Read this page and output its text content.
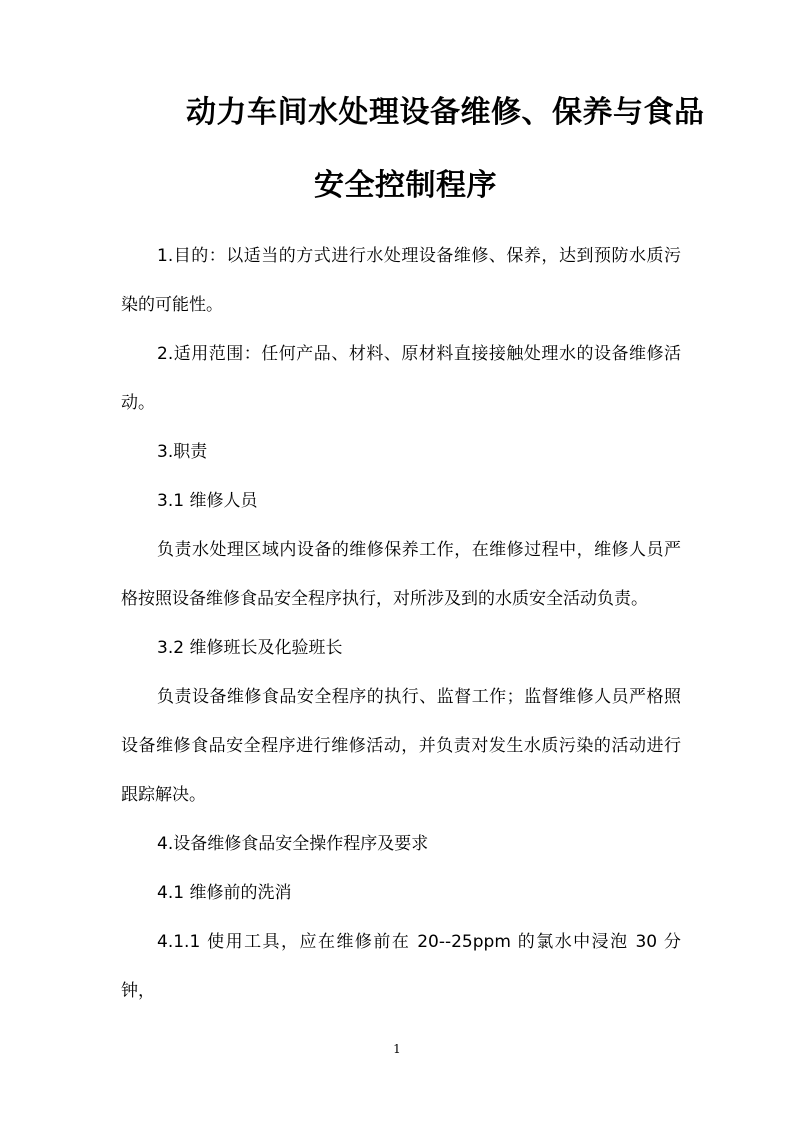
动力车间水处理设备维修、保养与食品
安全控制程序

1.目的：以适当的方式进行水处理设备维修、保养，达到预防水质污染的可能性。

2.适用范围：任何产品、材料、原材料直接接触处理水的设备维修活动。

3.职责

3.1 维修人员

负责水处理区域内设备的维修保养工作，在维修过程中，维修人员严格按照设备维修食品安全程序执行，对所涉及到的水质安全活动负责。

3.2 维修班长及化验班长

负责设备维修食品安全程序的执行、监督工作；监督维修人员严格照设备维修食品安全程序进行维修活动，并负责对发生水质污染的活动进行跟踪解决。

4.设备维修食品安全操作程序及要求

4.1 维修前的洗消

4.1.1 使用工具，应在维修前在 20--25ppm 的氯水中浸泡 30 分钟，

1
